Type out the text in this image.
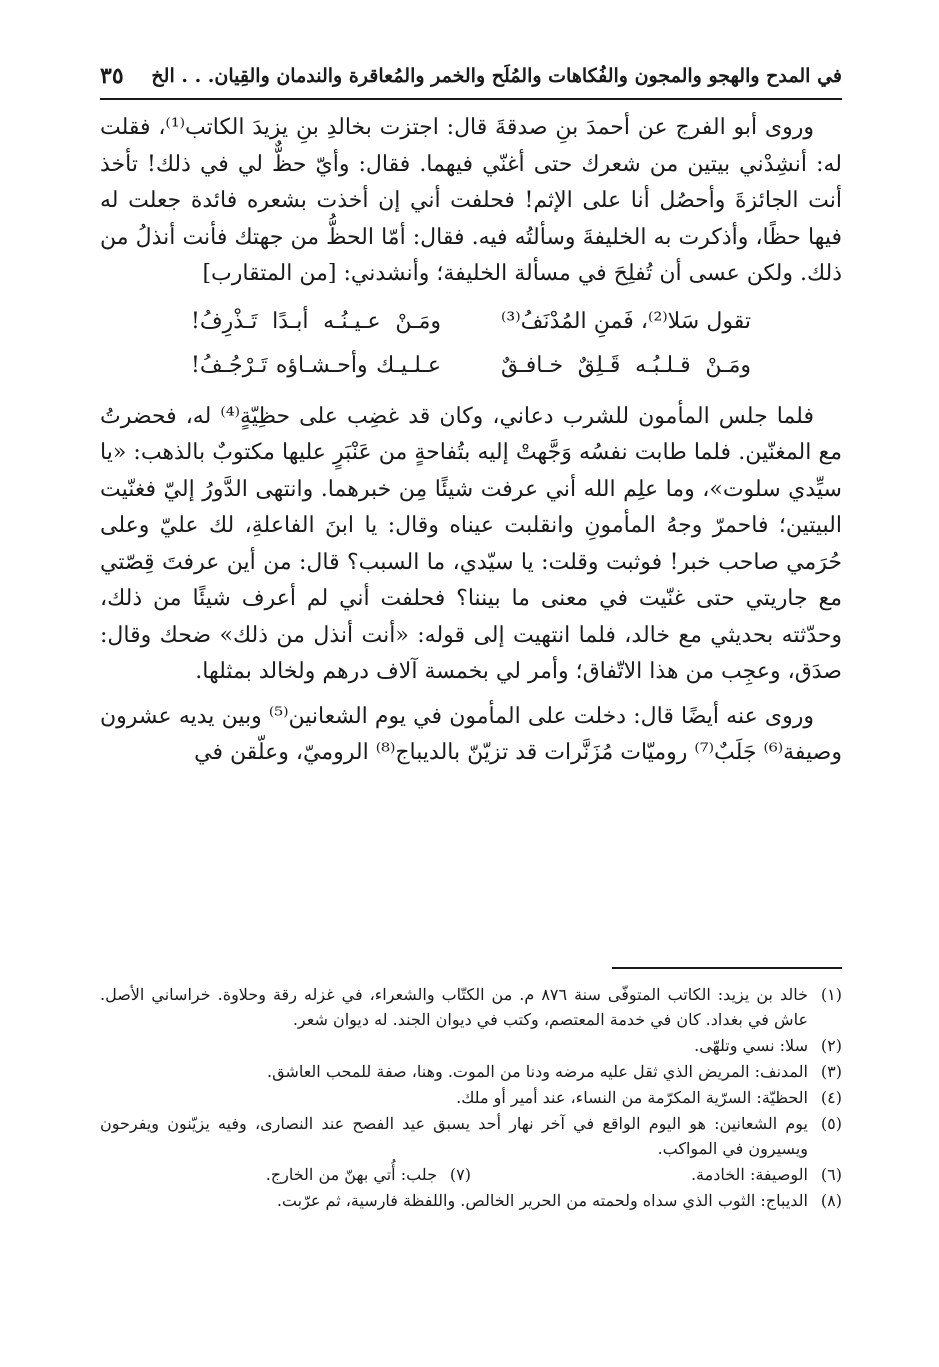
في المدح والهجو والمجون والفُكاهات والمُلَح والخمر والمُعاقرة والندمان والقِيان. . . الخ
٣٥

وروى أبو الفرج عن أحمدَ بنِ صدقةَ قال: اجتزت بخالدِ بنِ يزيدَ الكاتب⁽¹⁾، فقلت له: أنشِدْني بيتين من شعرك حتى أغنّي فيهما. فقال: وأيّ حظٌّ لي في ذلك! تأخذ أنت الجائزةَ وأحصُل أنا على الإثم! فحلفت أني إن أخذت بشعره فائدة جعلت له فيها حظًا، وأذكرت به الخليفةَ وسألتُه فيه. فقال: أمّا الحظُّ من جهتك فأنت أنذلُ من ذلك. ولكن عسى أن تُفلِحَ في مسألة الخليفة؛ وأنشدني: [من المتقارب]

تقول سَلا⁽²⁾، فَمنِ المُدْنَفُ⁽³⁾
ومَـنْ عـيـنُـه أبـدًا تَـذْرِفُ!
ومَـنْ قـلـبُـه قَـلِقٌ خـافـقٌ
عـلـيـك وأحـشـاؤه تَـرْجُـفُ!

فلما جلس المأمون للشرب دعاني، وكان قد غضِب على حظِيّةٍ⁽⁴⁾ له، فحضرتُ مع المغنّين. فلما طابت نفسُه وَجَّهتْ إليه بتُفاحةٍ من عَنْبَرٍ عليها مكتوبٌ بالذهب: «يا سيِّدي سلوت»، وما علِم الله أني عرفت شيئًا مِن خبرهما. وانتهى الدَّورُ إليّ فغنّيت البيتين؛ فاحمرّ وجهُ المأمونِ وانقلبت عيناه وقال: يا ابنَ الفاعلةِ، لك عليّ وعلى حُرَمي صاحب خبر! فوثبت وقلت: يا سيّدي، ما السبب؟ قال: من أين عرفتَ قِصّتي مع جاريتي حتى غنّيت في معنى ما بيننا؟ فحلفت أني لم أعرف شيئًا من ذلك، وحدّثته بحديثي مع خالد، فلما انتهيت إلى قوله: «أنت أنذل من ذلك» ضحك وقال: صدَق، وعجِب من هذا الاتّفاق؛ وأمر لي بخمسة آلاف درهم ولخالد بمثلها.

وروى عنه أيضًا قال: دخلت على المأمون في يوم الشعانين⁽⁵⁾ وبين يديه عشرون وصيفة⁽⁶⁾ جَلَبٌ⁽⁷⁾ روميّات مُزَنَّرات قد تزيّنّ بالديباج⁽⁸⁾ الروميّ، وعلّقن في

(١)
خالد بن يزيد: الكاتب المتوفّى سنة ٨٧٦ م. من الكتّاب والشعراء، في غزله رقة وحلاوة. خراساني الأصل. عاش في بغداد. كان في خدمة المعتصم، وكتب في ديوان الجند. له ديوان شعر.
(٢)
سلا: نسي وتلهّى.
(٣)
المدنف: المريض الذي ثقل عليه مرضه ودنا من الموت. وهنا، صفة للمحب العاشق.
(٤)
الحظيّة: السرّية المكرّمة من النساء، عند أمير أو ملك.
(٥)
يوم الشعانين: هو اليوم الواقع في آخر نهار أحد يسبق عيد الفصح عند النصارى، وفيه يزيّنون ويفرحون ويسيرون في المواكب.
(٦)
الوصيفة: الخادمة.
(٧)
جلب: أُتي بهنّ من الخارج.
(٨)
الديباج: الثوب الذي سداه ولحمته من الحرير الخالص. واللفظة فارسية، ثم عرّبت.
